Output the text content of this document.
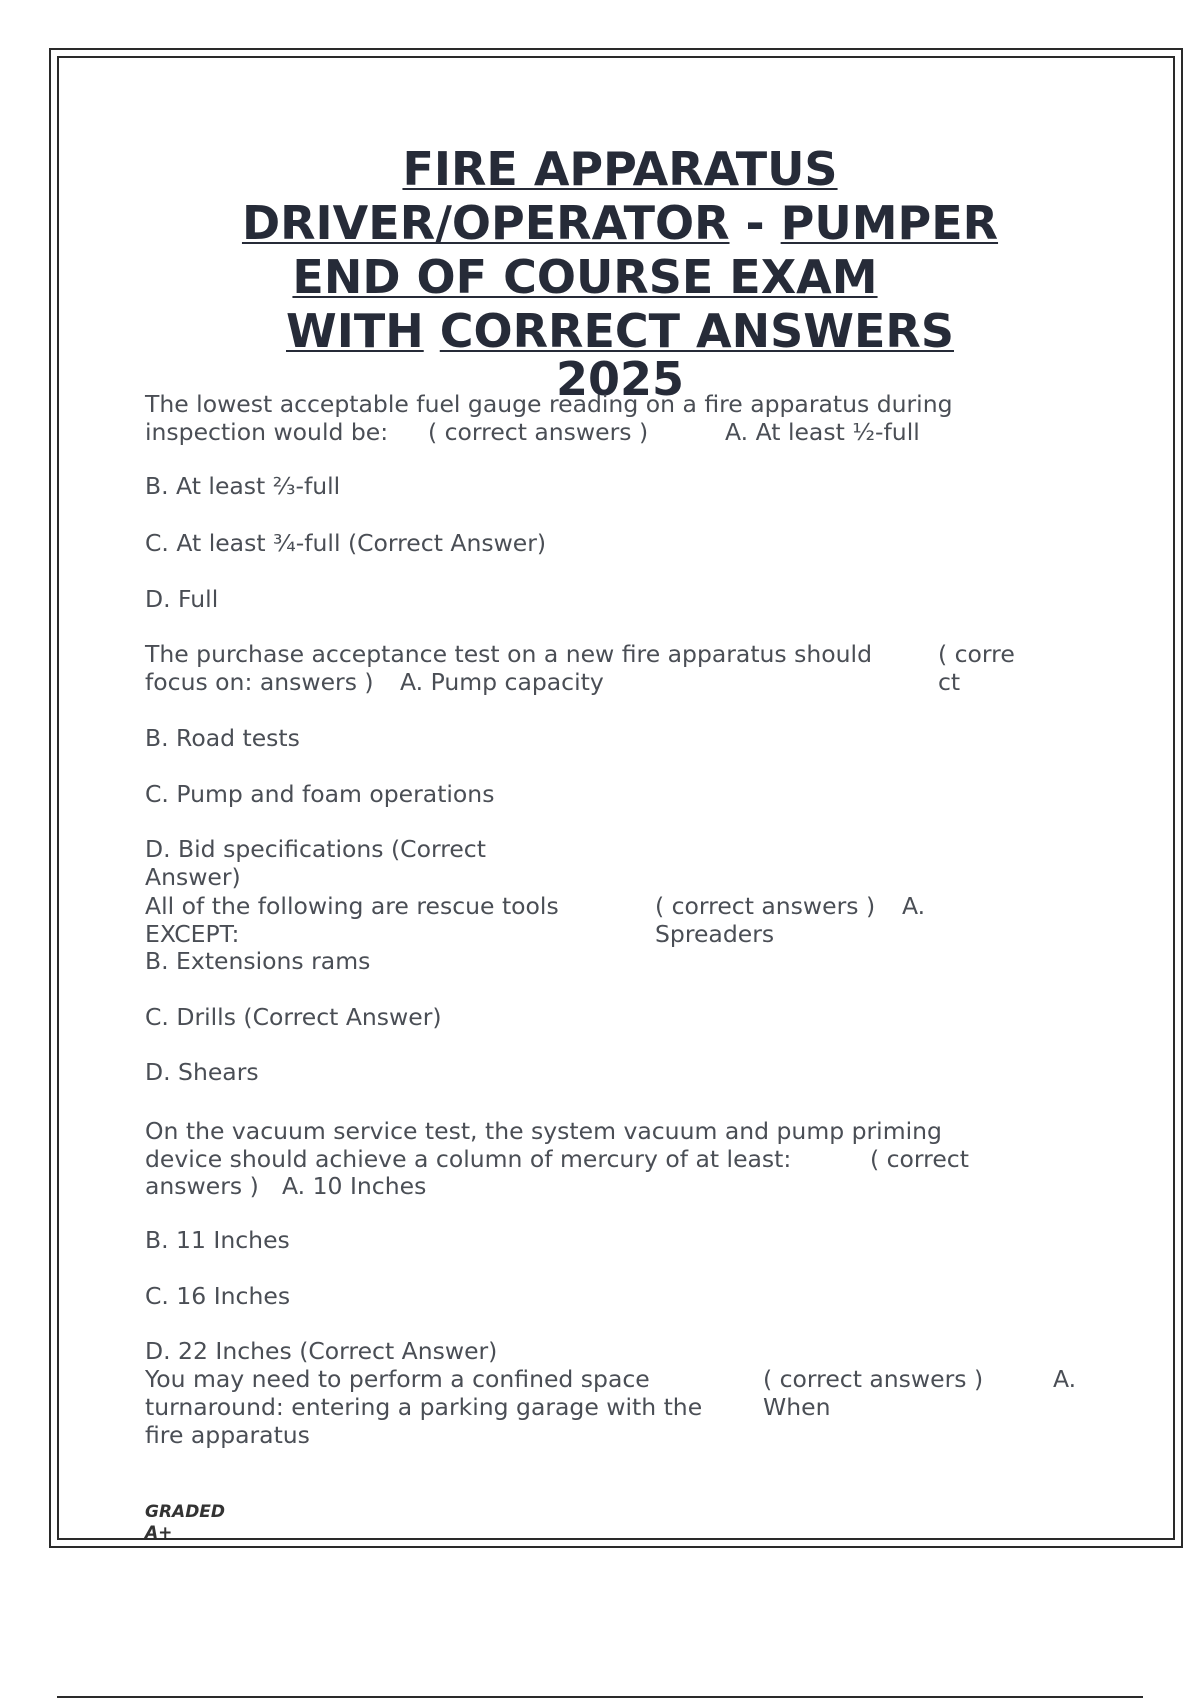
FIRE APPARATUS
DRIVER/OPERATOR - PUMPER
END OF COURSE EXAM
WITH CORRECT ANSWERS
2025
The lowest acceptable fuel gauge reading on a fire apparatus during
inspection would be: ( correct answers )	A. At least ½-full
B. At least ⅔-full
C. At least ¾-full (Correct Answer)
D. Full
The purchase acceptance test on a new fire apparatus should
focus on: answers )
( corre
ct
A. Pump capacity
B. Road tests
C. Pump and foam operations
D. Bid specifications (Correct
Answer)
All of the following are rescue tools
EXCEPT:
( correct answers ) A.
Spreaders
B. Extensions rams
C. Drills (Correct Answer)
D. Shears
On the vacuum service test, the system vacuum and pump priming
device should achieve a column of mercury of at least:	( correct
answers ) A. 10 Inches
B. 11 Inches
C. 16 Inches
D. 22 Inches (Correct Answer)
You may need to perform a confined space
turnaround: entering a parking garage with the
fire apparatus
( correct answers )	A.
When
GRADED
A+
